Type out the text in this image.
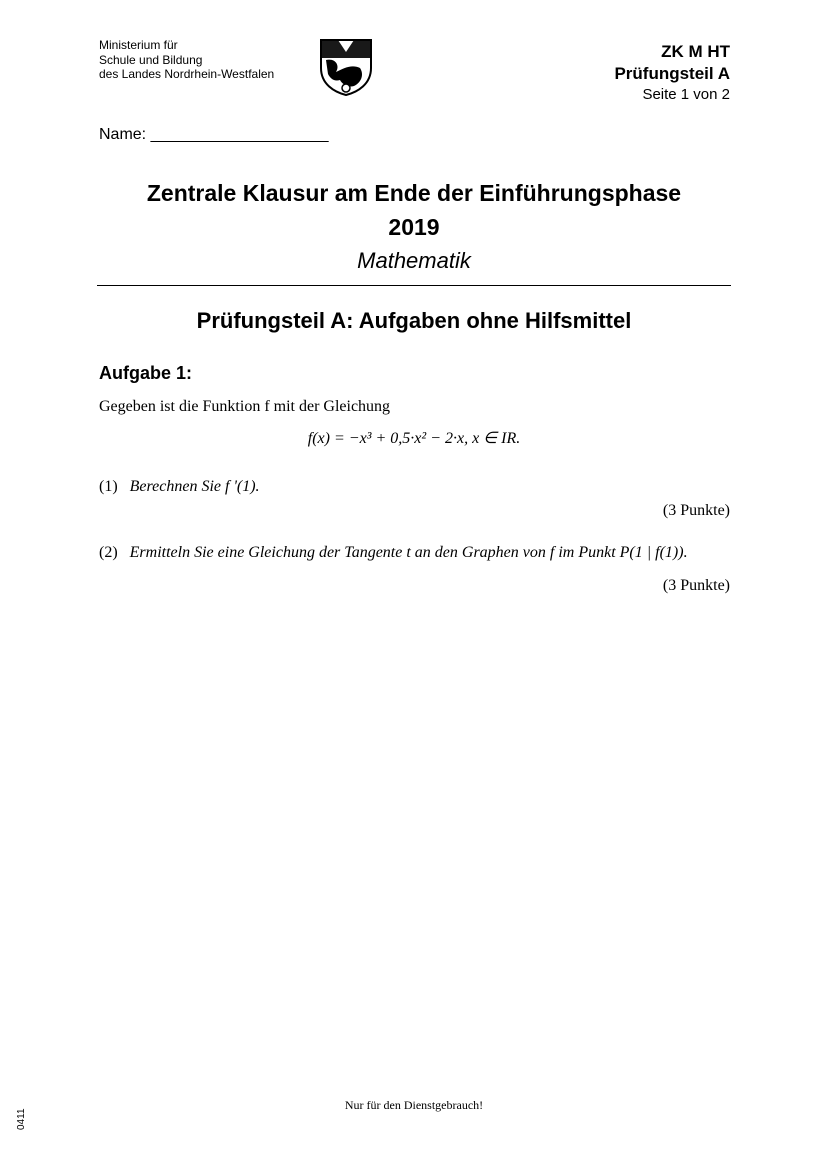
Ministerium für
Schule und Bildung
des Landes Nordrhein-Westfalen
ZK M HT
Prüfungsteil A
Seite 1 von 2
Name: ____________________
Zentrale Klausur am Ende der Einführungsphase
2019
Mathematik
Prüfungsteil A: Aufgaben ohne Hilfsmittel
Aufgabe 1:
Gegeben ist die Funktion f mit der Gleichung
f(x) = −x³ + 0,5·x² − 2·x, x ∈ IR.
(1) Berechnen Sie f '(1).
(3 Punkte)
(2) Ermitteln Sie eine Gleichung der Tangente t an den Graphen von f im Punkt P(1 | f(1)).
(3 Punkte)
Nur für den Dienstgebrauch!
0411
